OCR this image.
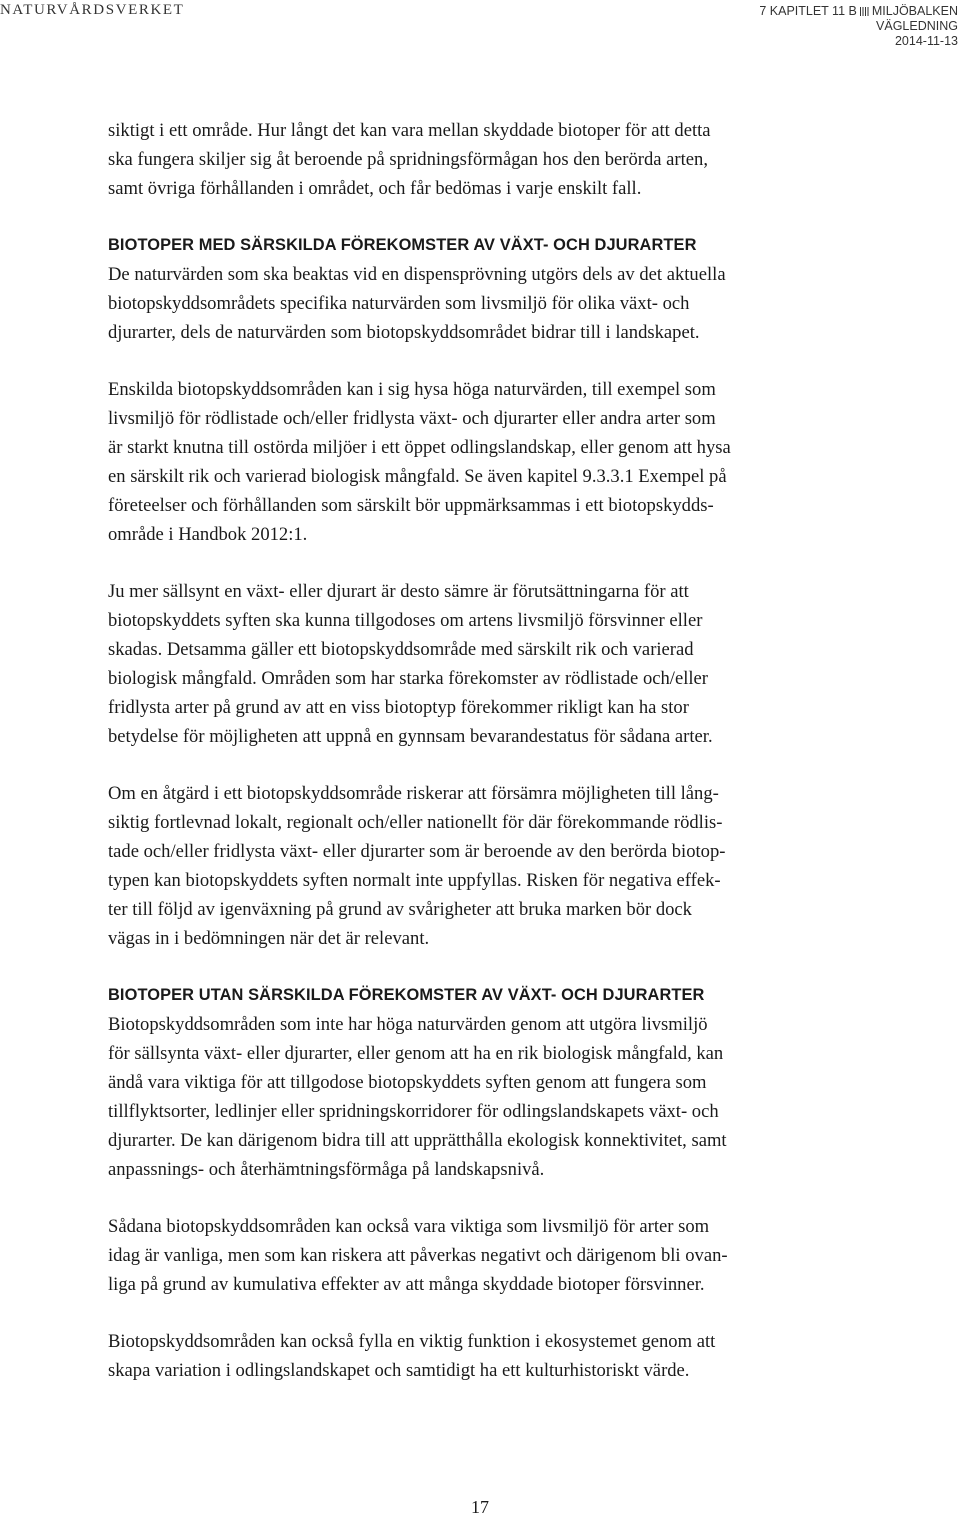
NATURVÅRDSVERKET	7 KAPITLET 11 B MILJÖBALKEN
VÄGLEDNING
2014-11-13

siktigt i ett område. Hur långt det kan vara mellan skyddade biotoper för att detta
ska fungera skiljer sig åt beroende på spridningsförmågan hos den berörda arten,
samt övriga förhållanden i området, och får bedömas i varje enskilt fall.

BIOTOPER MED SÄRSKILDA FÖREKOMSTER AV VÄXT- OCH DJURARTER

De naturvärden som ska beaktas vid en dispensprövning utgörs dels av det aktuella
biotopskyddsområdets specifika naturvärden som livsmiljö för olika växt- och
djurarter, dels de naturvärden som biotopskyddsområdet bidrar till i landskapet.

Enskilda biotopskyddsområden kan i sig hysa höga naturvärden, till exempel som
livsmiljö för rödlistade och/eller fridlysta växt- och djurarter eller andra arter som
är starkt knutna till ostörda miljöer i ett öppet odlingslandskap, eller genom att hysa
en särskilt rik och varierad biologisk mångfald. Se även kapitel 9.3.3.1 Exempel på
företeelser och förhållanden som särskilt bör uppmärksammas i ett biotopskydds-
område i Handbok 2012:1.

Ju mer sällsynt en växt- eller djurart är desto sämre är förutsättningarna för att
biotopskyddets syften ska kunna tillgodoses om artens livsmiljö försvinner eller
skadas. Detsamma gäller ett biotopskyddsområde med särskilt rik och varierad
biologisk mångfald. Områden som har starka förekomster av rödlistade och/eller
fridlysta arter på grund av att en viss biotoptyp förekommer rikligt kan ha stor
betydelse för möjligheten att uppnå en gynnsam bevarandestatus för sådana arter.

Om en åtgärd i ett biotopskyddsområde riskerar att försämra möjligheten till lång-
siktig fortlevnad lokalt, regionalt och/eller nationellt för där förekommande rödlis-
tade och/eller fridlysta växt- eller djurarter som är beroende av den berörda biotop-
typen kan biotopskyddets syften normalt inte uppfyllas. Risken för negativa effek-
ter till följd av igenväxning på grund av svårigheter att bruka marken bör dock
vägas in i bedömningen när det är relevant.

BIOTOPER UTAN SÄRSKILDA FÖREKOMSTER AV VÄXT- OCH DJURARTER

Biotopskyddsområden som inte har höga naturvärden genom att utgöra livsmiljö
för sällsynta växt- eller djurarter, eller genom att ha en rik biologisk mångfald, kan
ändå vara viktiga för att tillgodose biotopskyddets syften genom att fungera som
tillflyktsorter, ledlinjer eller spridningskorridorer för odlingslandskapets växt- och
djurarter. De kan därigenom bidra till att upprätthålla ekologisk konnektivitet, samt
anpassnings- och återhämtningsförmåga på landskapsnivå.

Sådana biotopskyddsområden kan också vara viktiga som livsmiljö för arter som
idag är vanliga, men som kan riskera att påverkas negativt och därigenom bli ovan-
liga på grund av kumulativa effekter av att många skyddade biotoper försvinner.

Biotopskyddsområden kan också fylla en viktig funktion i ekosystemet genom att
skapa variation i odlingslandskapet och samtidigt ha ett kulturhistoriskt värde.

17
